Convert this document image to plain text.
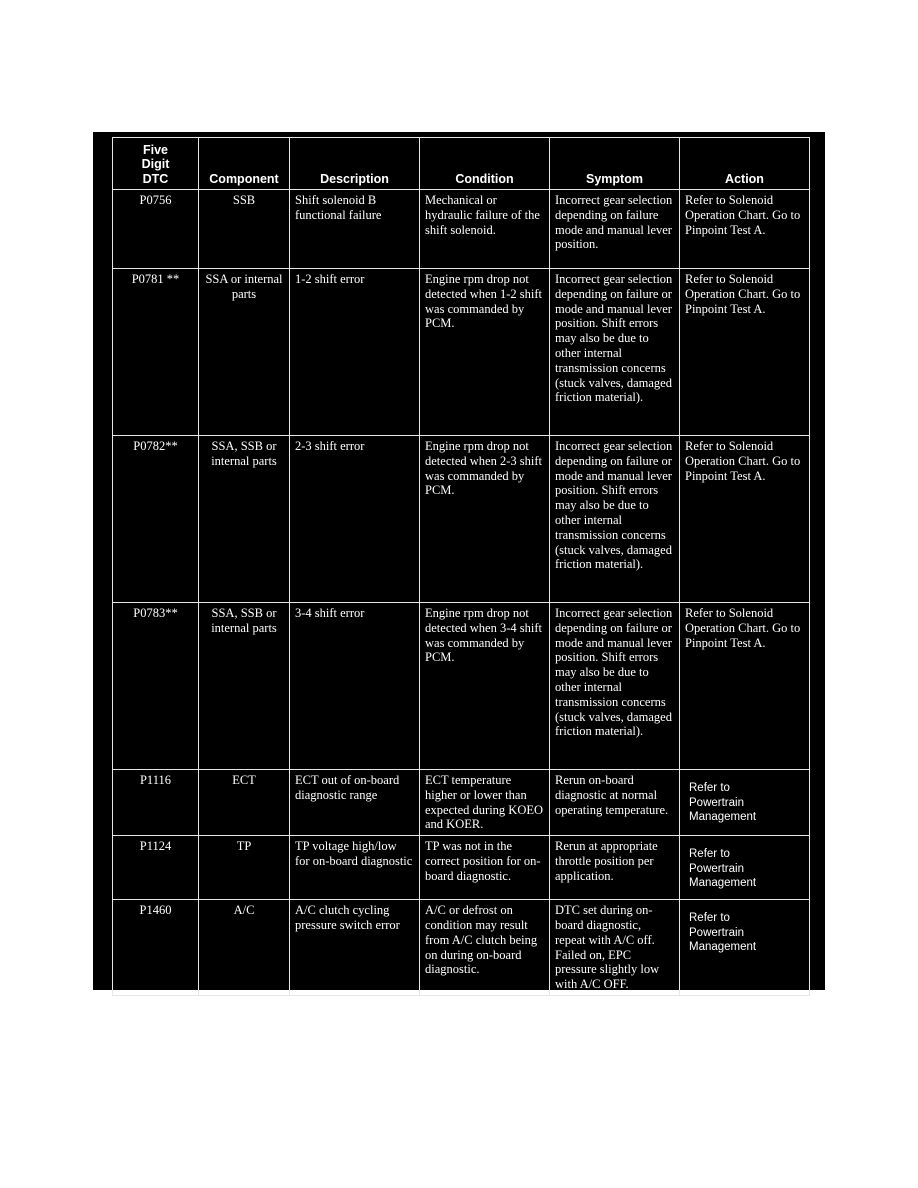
Five
Digit
DTC	Component	Description	Condition	Symptom	Action
P0756	SSB	Shift solenoid B functional failure	Mechanical or hydraulic failure of the shift solenoid.	Incorrect gear selection depending on failure mode and manual lever position.	Refer to Solenoid Operation Chart. Go to Pinpoint Test A.
P0781 **	SSA or internal parts	1-2 shift error	Engine rpm drop not detected when 1-2 shift was commanded by PCM.	Incorrect gear selection depending on failure or mode and manual lever position. Shift errors may also be due to other internal transmission concerns (stuck valves, damaged friction material).	Refer to Solenoid Operation Chart. Go to Pinpoint Test A.
P0782**	SSA, SSB or internal parts	2-3 shift error	Engine rpm drop not detected when 2-3 shift was commanded by PCM.	Incorrect gear selection depending on failure or mode and manual lever position. Shift errors may also be due to other internal transmission concerns (stuck valves, damaged friction material).	Refer to Solenoid Operation Chart. Go to Pinpoint Test A.
P0783**	SSA, SSB or internal parts	3-4 shift error	Engine rpm drop not detected when 3-4 shift was commanded by PCM.	Incorrect gear selection depending on failure or mode and manual lever position. Shift errors may also be due to other internal transmission concerns (stuck valves, damaged friction material).	Refer to Solenoid Operation Chart. Go to Pinpoint Test A.
P1116	ECT	ECT out of on-board diagnostic range	ECT temperature higher or lower than expected during KOEO and KOER.	Rerun on-board diagnostic at normal operating temperature.	Refer to
Powertrain
Management

P1124	TP	TP voltage high/low for on-board diagnostic	TP was not in the correct position for on-board diagnostic.	Rerun at appropriate throttle position per application.	Refer to
Powertrain
Management

P1460	A/C	A/C clutch cycling pressure switch error	A/C or defrost on condition may result from A/C clutch being on during on-board diagnostic.	DTC set during on-board diagnostic, repeat with A/C off. Failed on, EPC pressure slightly low with A/C OFF.	Refer to
Powertrain
Management
